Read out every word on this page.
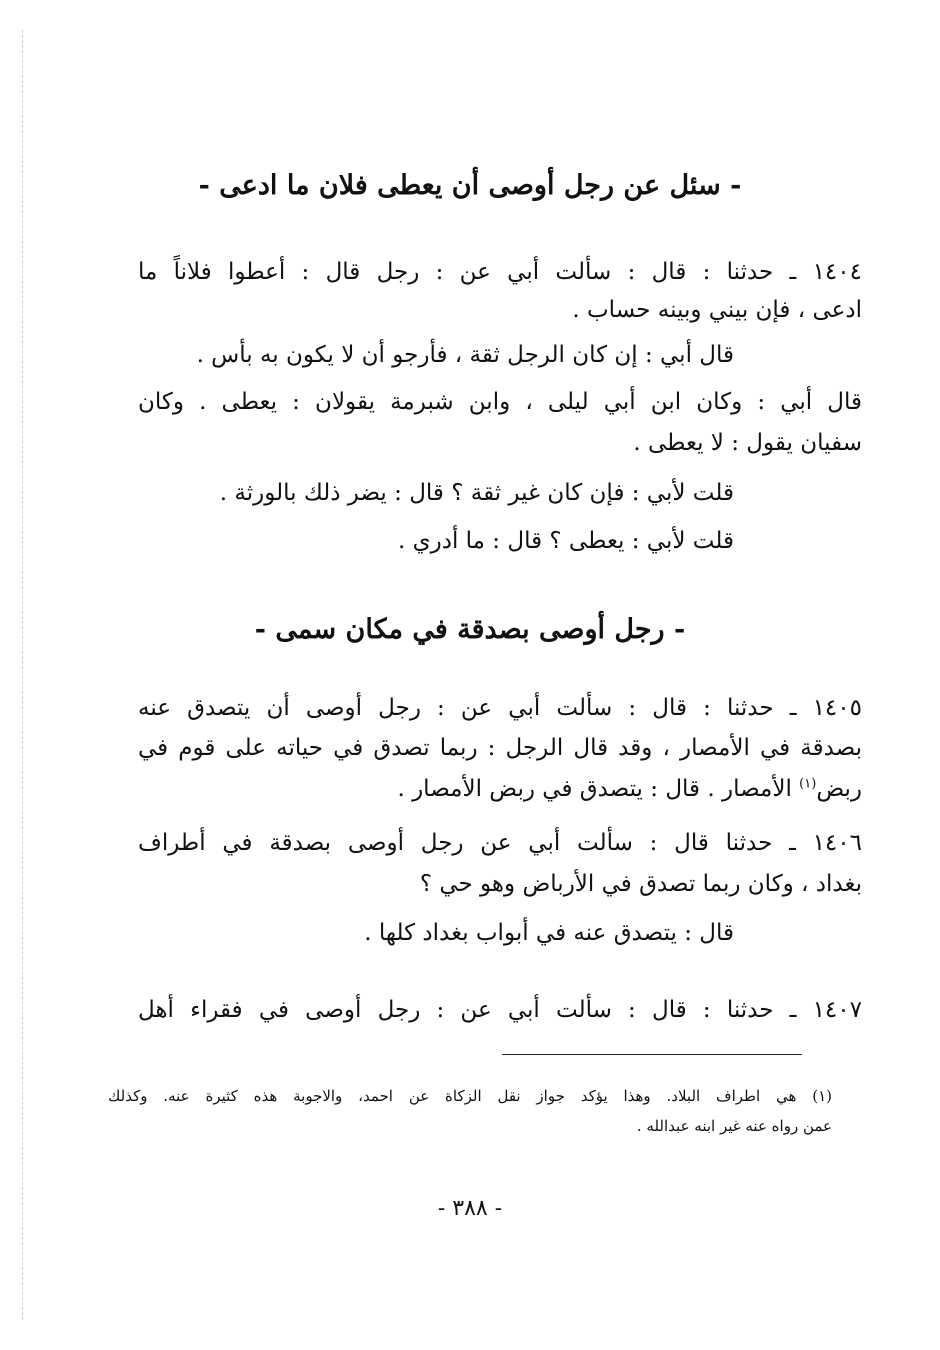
- سئل عن رجل أوصى أن يعطى فلان ما ادعى -
١٤٠٤ ـ حدثنا : قال : سألت أبي عن : رجل قال : أعطوا فلاناً ما
ادعى ، فإن بيني وبينه حساب .
قال أبي : إن كان الرجل ثقة ، فأرجو أن لا يكون به بأس .
قال أبي : وكان ابن أبي ليلى ، وابن شبرمة يقولان : يعطى . وكان
سفيان يقول : لا يعطى .
قلت لأبي : فإن كان غير ثقة ؟ قال : يضر ذلك بالورثة .
قلت لأبي : يعطى ؟ قال : ما أدري .
- رجل أوصى بصدقة في مكان سمى -
١٤٠٥ ـ حدثنا : قال : سألت أبي عن : رجل أوصى أن يتصدق عنه
بصدقة في الأمصار ، وقد قال الرجل : ربما تصدق في حياته على قوم في
ربض$^{(١)}$ الأمصار . قال : يتصدق في ربض الأمصار .
١٤٠٦ ـ حدثنا قال : سألت أبي عن رجل أوصى بصدقة في أطراف
بغداد ، وكان ربما تصدق في الأرباض وهو حي ؟
قال : يتصدق عنه في أبواب بغداد كلها .
١٤٠٧ ـ حدثنا : قال : سألت أبي عن : رجل أوصى في فقراء أهل
(١) هي اطراف البلاد. وهذا يؤكد جواز نقل الزكاة عن احمد، والاجوبة هذه كثيرة عنه. وكذلك
عمن رواه عنه غير ابنه عبدالله .
- ٣٨٨ -
